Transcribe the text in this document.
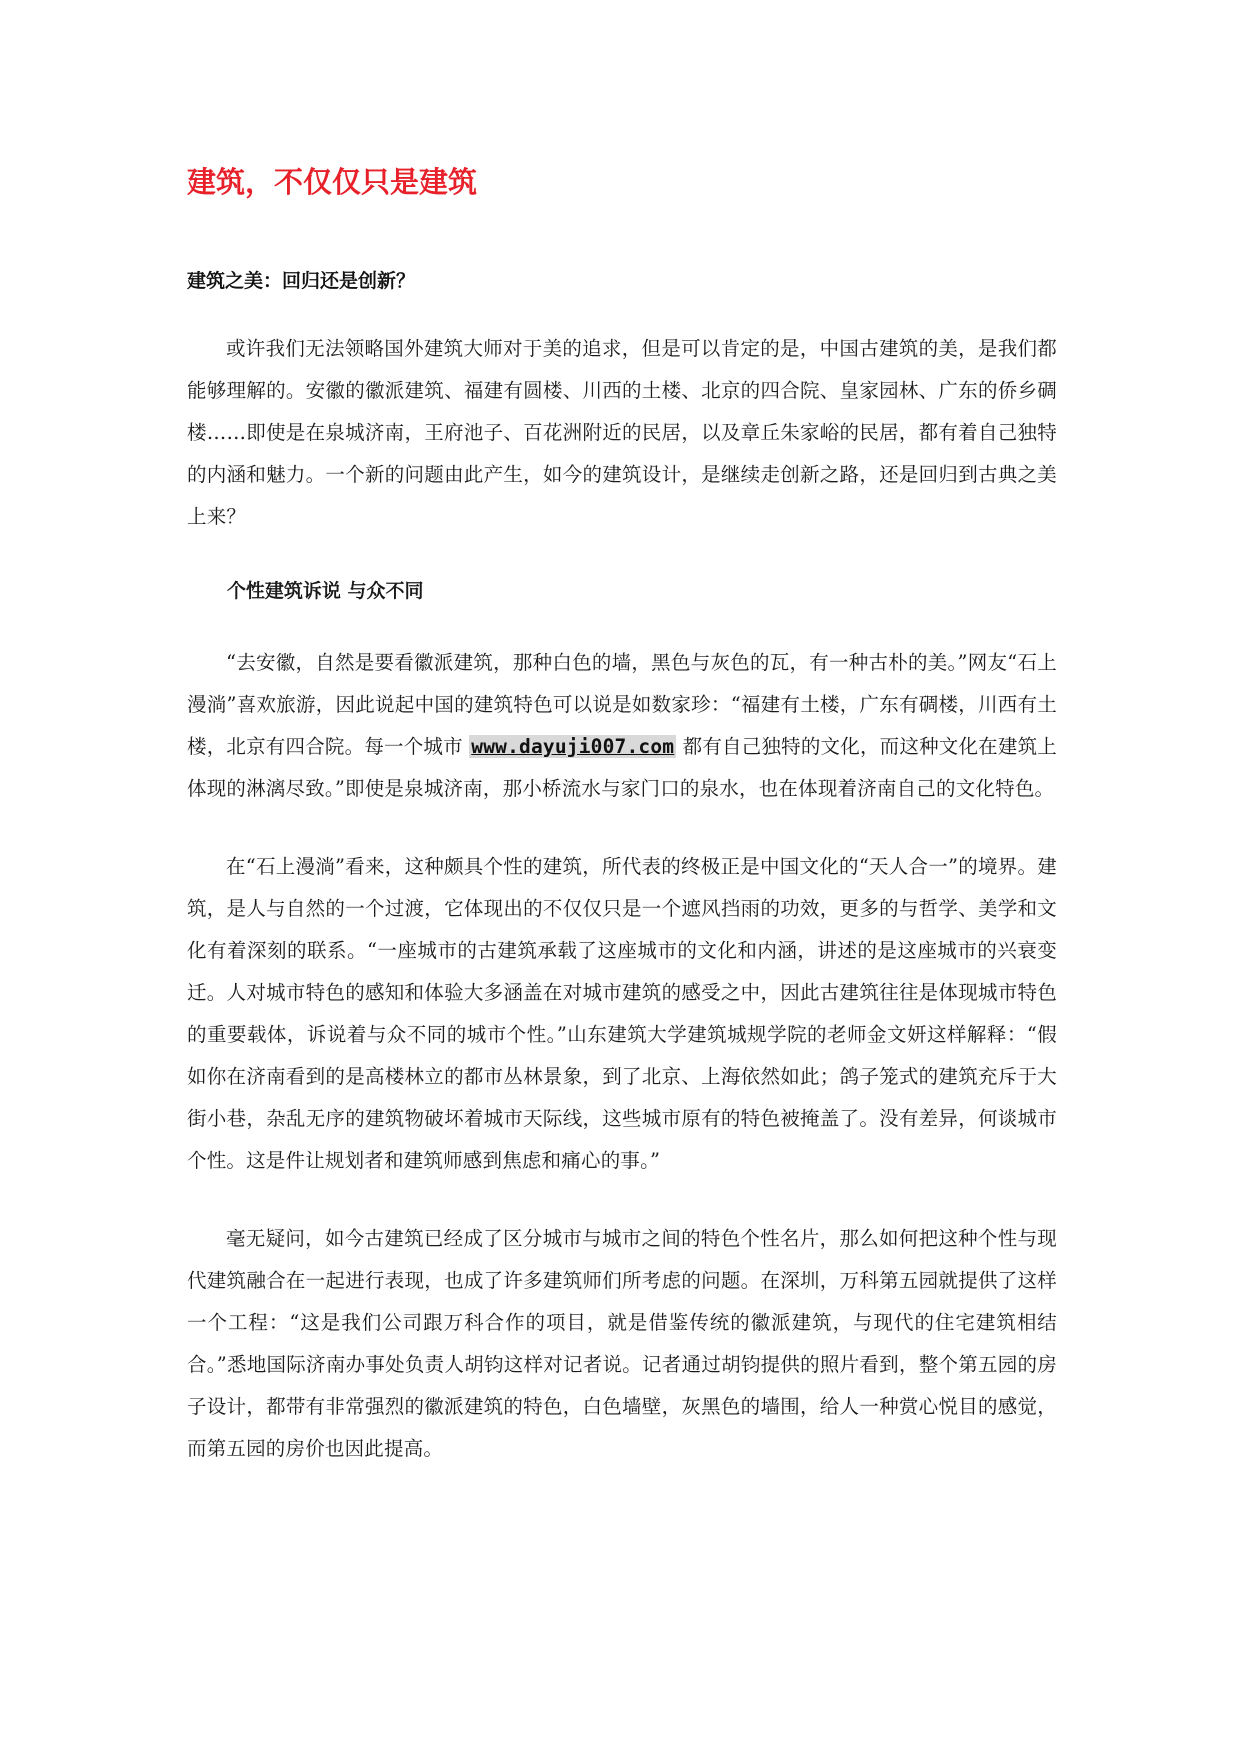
建筑，不仅仅只是建筑
建筑之美：回归还是创新？

或许我们无法领略国外建筑大师对于美的追求，但是可以肯定的是，中国古建筑的美，是我们都能够理解的。安徽的徽派建筑、福建有圆楼、川西的土楼、北京的四合院、皇家园林、广东的侨乡碉楼……即使是在泉城济南，王府池子、百花洲附近的民居，以及章丘朱家峪的民居，都有着自己独特的内涵和魅力。一个新的问题由此产生，如今的建筑设计，是继续走创新之路，还是回归到古典之美上来？

个性建筑诉说 与众不同

“去安徽，自然是要看徽派建筑，那种白色的墙，黑色与灰色的瓦，有一种古朴的美。”网友“石上漫淌”喜欢旅游，因此说起中国的建筑特色可以说是如数家珍：“福建有土楼，广东有碉楼，川西有土楼，北京有四合院。每一个城市 www.dayuji007.com 都有自己独特的文化，而这种文化在建筑上体现的淋漓尽致。”即使是泉城济南，那小桥流水与家门口的泉水，也在体现着济南自己的文化特色。

在“石上漫淌”看来，这种颇具个性的建筑，所代表的终极正是中国文化的“天人合一”的境界。建筑，是人与自然的一个过渡，它体现出的不仅仅只是一个遮风挡雨的功效，更多的与哲学、美学和文化有着深刻的联系。“一座城市的古建筑承载了这座城市的文化和内涵，讲述的是这座城市的兴衰变迁。人对城市特色的感知和体验大多涵盖在对城市建筑的感受之中，因此古建筑往往是体现城市特色的重要载体，诉说着与众不同的城市个性。”山东建筑大学建筑城规学院的老师金文妍这样解释：“假如你在济南看到的是高楼林立的都市丛林景象，到了北京、上海依然如此；鸽子笼式的建筑充斥于大街小巷，杂乱无序的建筑物破坏着城市天际线，这些城市原有的特色被掩盖了。没有差异，何谈城市个性。这是件让规划者和建筑师感到焦虑和痛心的事。”

毫无疑问，如今古建筑已经成了区分城市与城市之间的特色个性名片，那么如何把这种个性与现代建筑融合在一起进行表现，也成了许多建筑师们所考虑的问题。在深圳，万科第五园就提供了这样一个工程：“这是我们公司跟万科合作的项目，就是借鉴传统的徽派建筑，与现代的住宅建筑相结合。”悉地国际济南办事处负责人胡钧这样对记者说。记者通过胡钧提供的照片看到，整个第五园的房子设计，都带有非常强烈的徽派建筑的特色，白色墙壁，灰黑色的墙围，给人一种赏心悦目的感觉，而第五园的房价也因此提高。
